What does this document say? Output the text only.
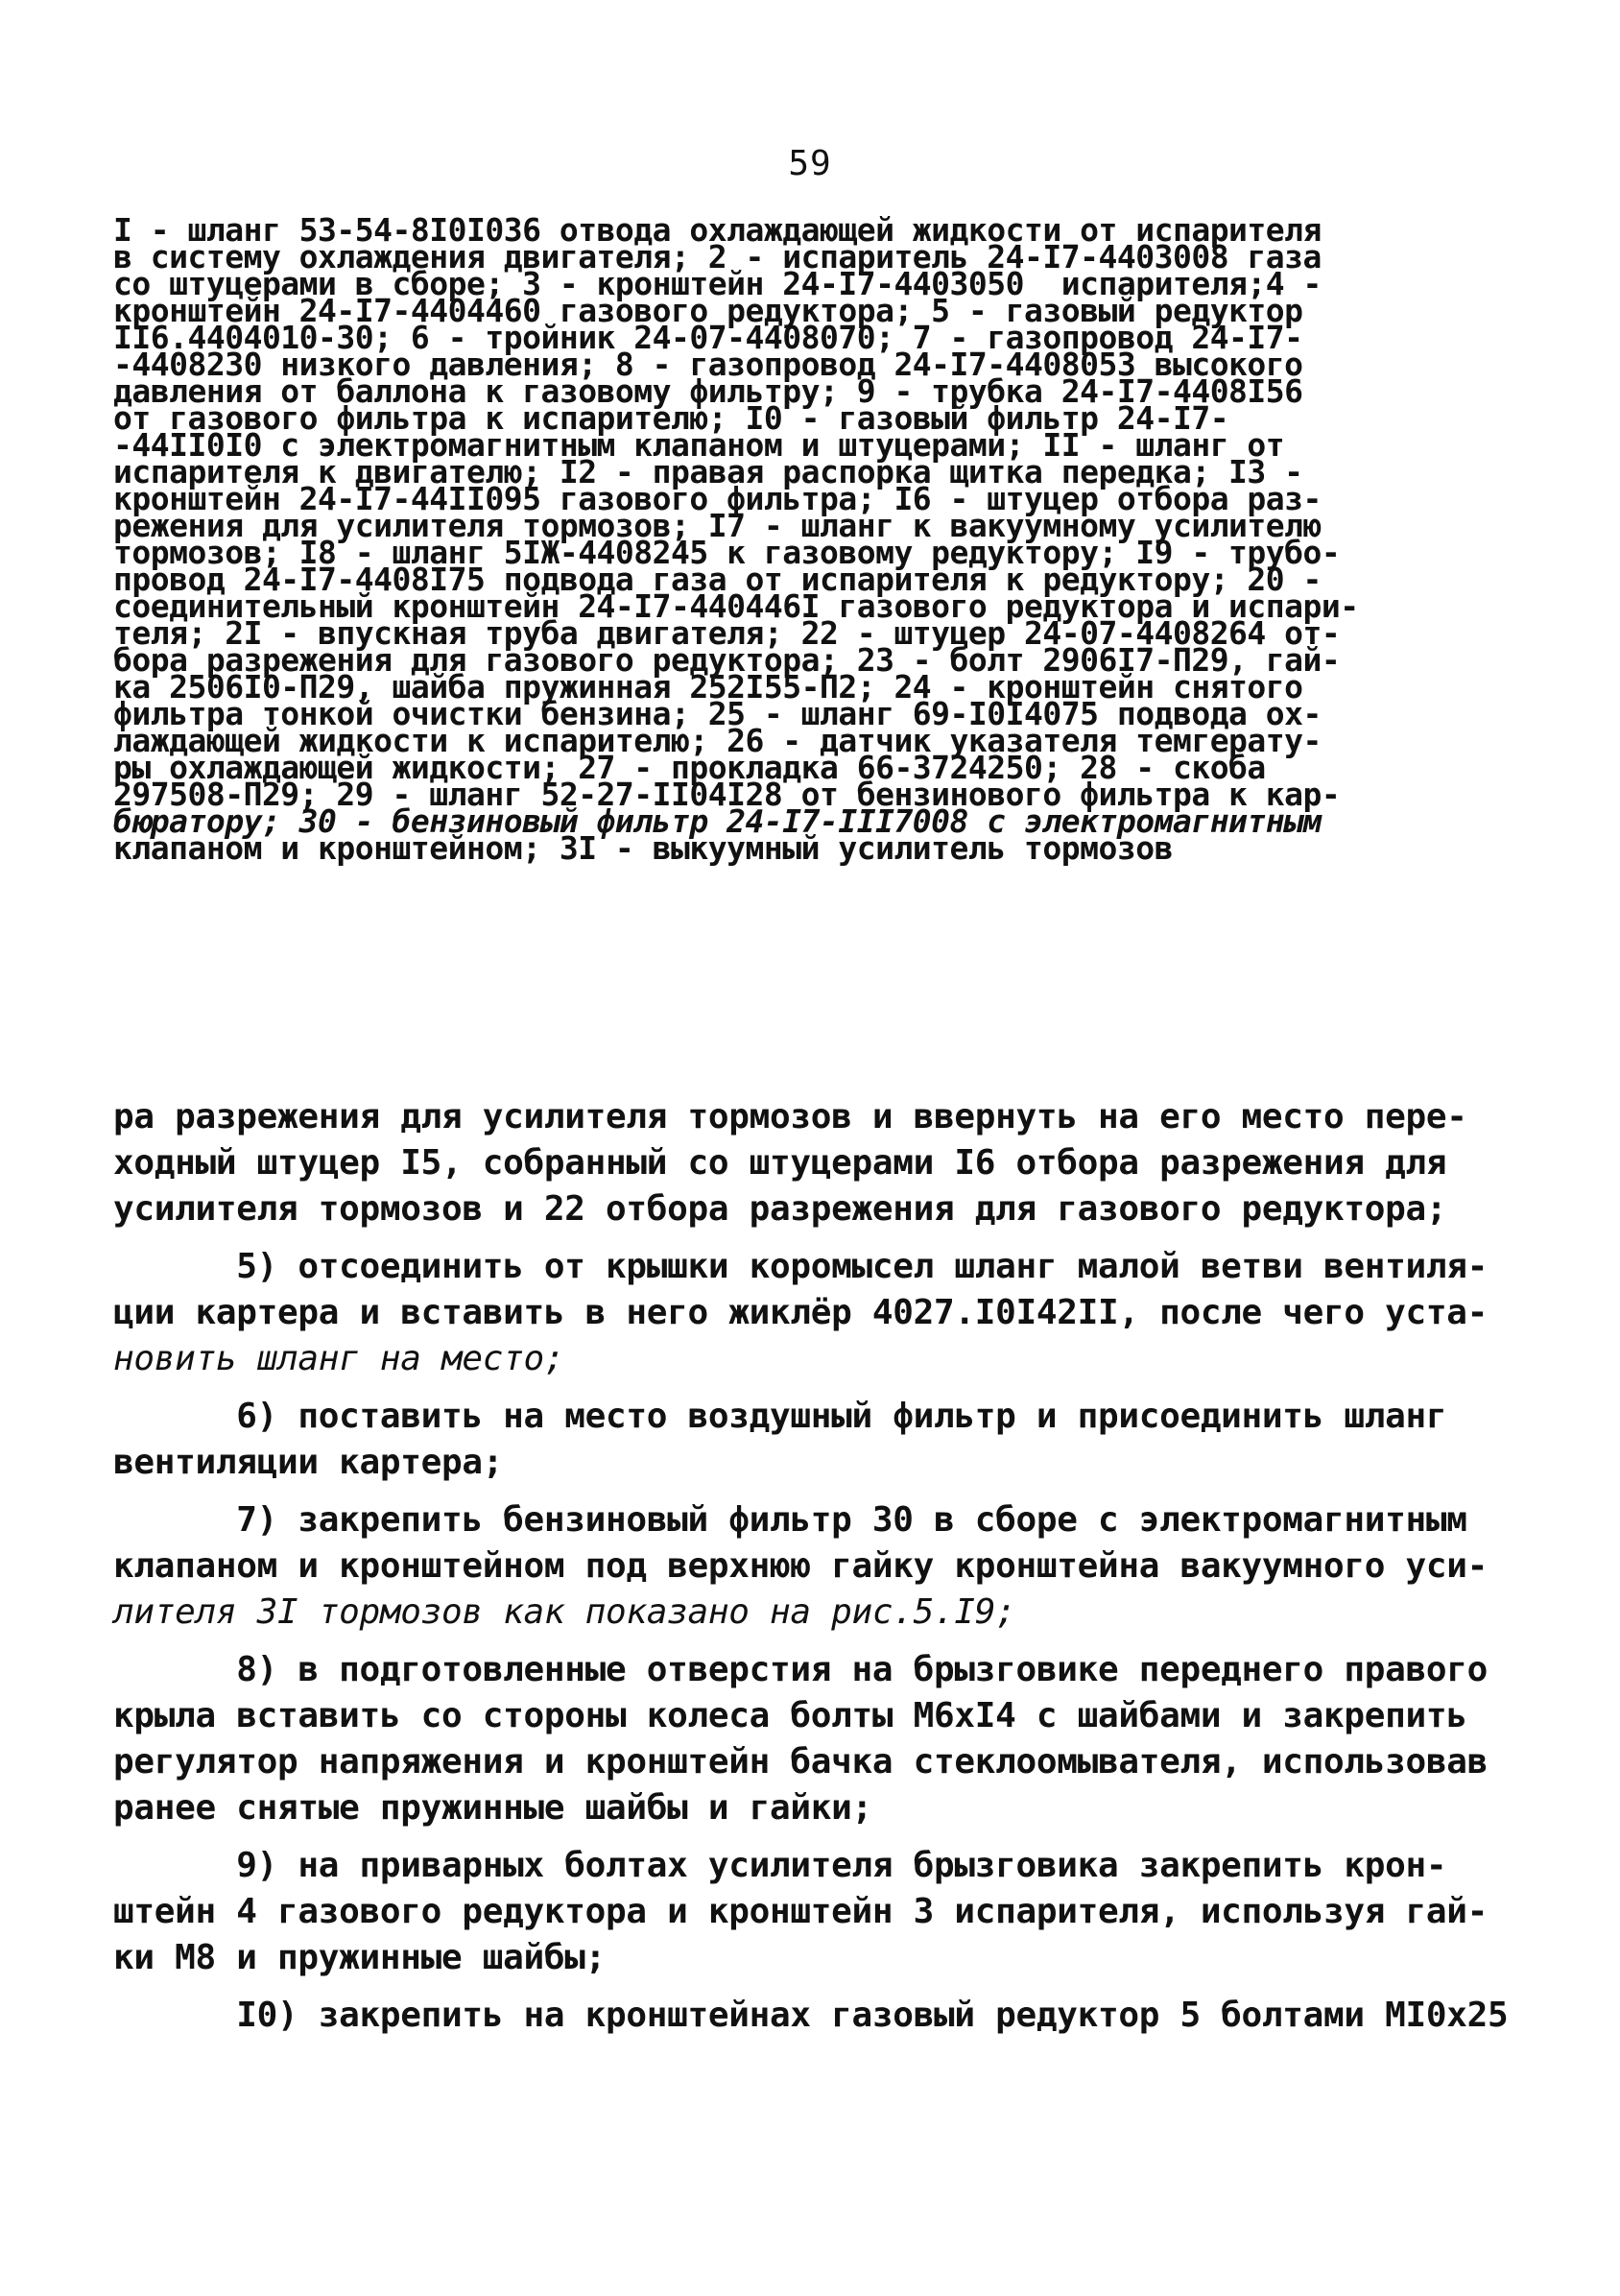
59
I - шланг 53-54-8I0I036 отвода охлаждающей жидкости от испарителя
в систему охлаждения двигателя; 2 - испаритель 24-I7-4403008 газа
со штуцерами в сборе; 3 - кронштейн 24-I7-4403050  испарителя;4 -
кронштейн 24-I7-4404460 газового редуктора; 5 - газовый редуктор
II6.4404010-30; 6 - тройник 24-07-4408070; 7 - газопровод 24-I7-
-4408230 низкого давления; 8 - газопровод 24-I7-4408053 высокого
давления от баллона к газовому фильтру; 9 - трубка 24-I7-4408I56
от газового фильтра к испарителю; I0 - газовый фильтр 24-I7-
-44II0I0 с электромагнитным клапаном и штуцерами; II - шланг от
испарителя к двигателю; I2 - правая распорка щитка передка; I3 -
кронштейн 24-I7-44II095 газового фильтра; I6 - штуцер отбора раз-
режения для усилителя тормозов; I7 - шланг к вакуумному усилителю
тормозов; I8 - шланг 5IЖ-4408245 к газовому редуктору; I9 - трубо-
провод 24-I7-4408I75 подвода газа от испарителя к редуктору; 20 -
соединительный кронштейн 24-I7-440446I газового редуктора и испари-
теля; 2I - впускная труба двигателя; 22 - штуцер 24-07-4408264 от-
бора разрежения для газового редуктора; 23 - болт 2906I7-П29, гай-
ка 2506I0-П29, шайба пружинная 252I55-П2; 24 - кронштейн снятого
фильтра тонкой очистки бензина; 25 - шланг 69-I0I4075 подвода ох-
лаждающей жидкости к испарителю; 26 - датчик указателя темгерату-
ры охлаждающей жидкости; 27 - прокладка 66-3724250; 28 - скоба
297508-П29; 29 - шланг 52-27-II04I28 от бензинового фильтра к кар-
бюратору; 30 - бензиновый фильтр 24-I7-III7008 с электромагнитным
клапаном и кронштейном; 3I - выкуумный усилитель тормозов
ра разрежения для усилителя тормозов и ввернуть на его место пере-
ходный штуцер I5, собранный со штуцерами I6 отбора разрежения для
усилителя тормозов и 22 отбора разрежения для газового редуктора;
5) отсоединить от крышки коромысел шланг малой ветви вентиля-
ции картера и вставить в него жиклёр 4027.I0I42II, после чего уста-
новить шланг на место;
6) поставить на место воздушный фильтр и присоединить шланг
вентиляции картера;
7) закрепить бензиновый фильтр 30 в сборе с электромагнитным
клапаном и кронштейном под верхнюю гайку кронштейна вакуумного уси-
лителя 3I тормозов как показано на рис.5.I9;
8) в подготовленные отверстия на брызговике переднего правого
крыла вставить со стороны колеса болты М6хI4 с шайбами и закрепить
регулятор напряжения и кронштейн бачка стеклоомывателя, использовав
ранее снятые пружинные шайбы и гайки;
9) на приварных болтах усилителя брызговика закрепить крон-
штейн 4 газового редуктора и кронштейн 3 испарителя, используя гай-
ки М8 и пружинные шайбы;
I0) закрепить на кронштейнах газовый редуктор 5 болтами МI0х25
